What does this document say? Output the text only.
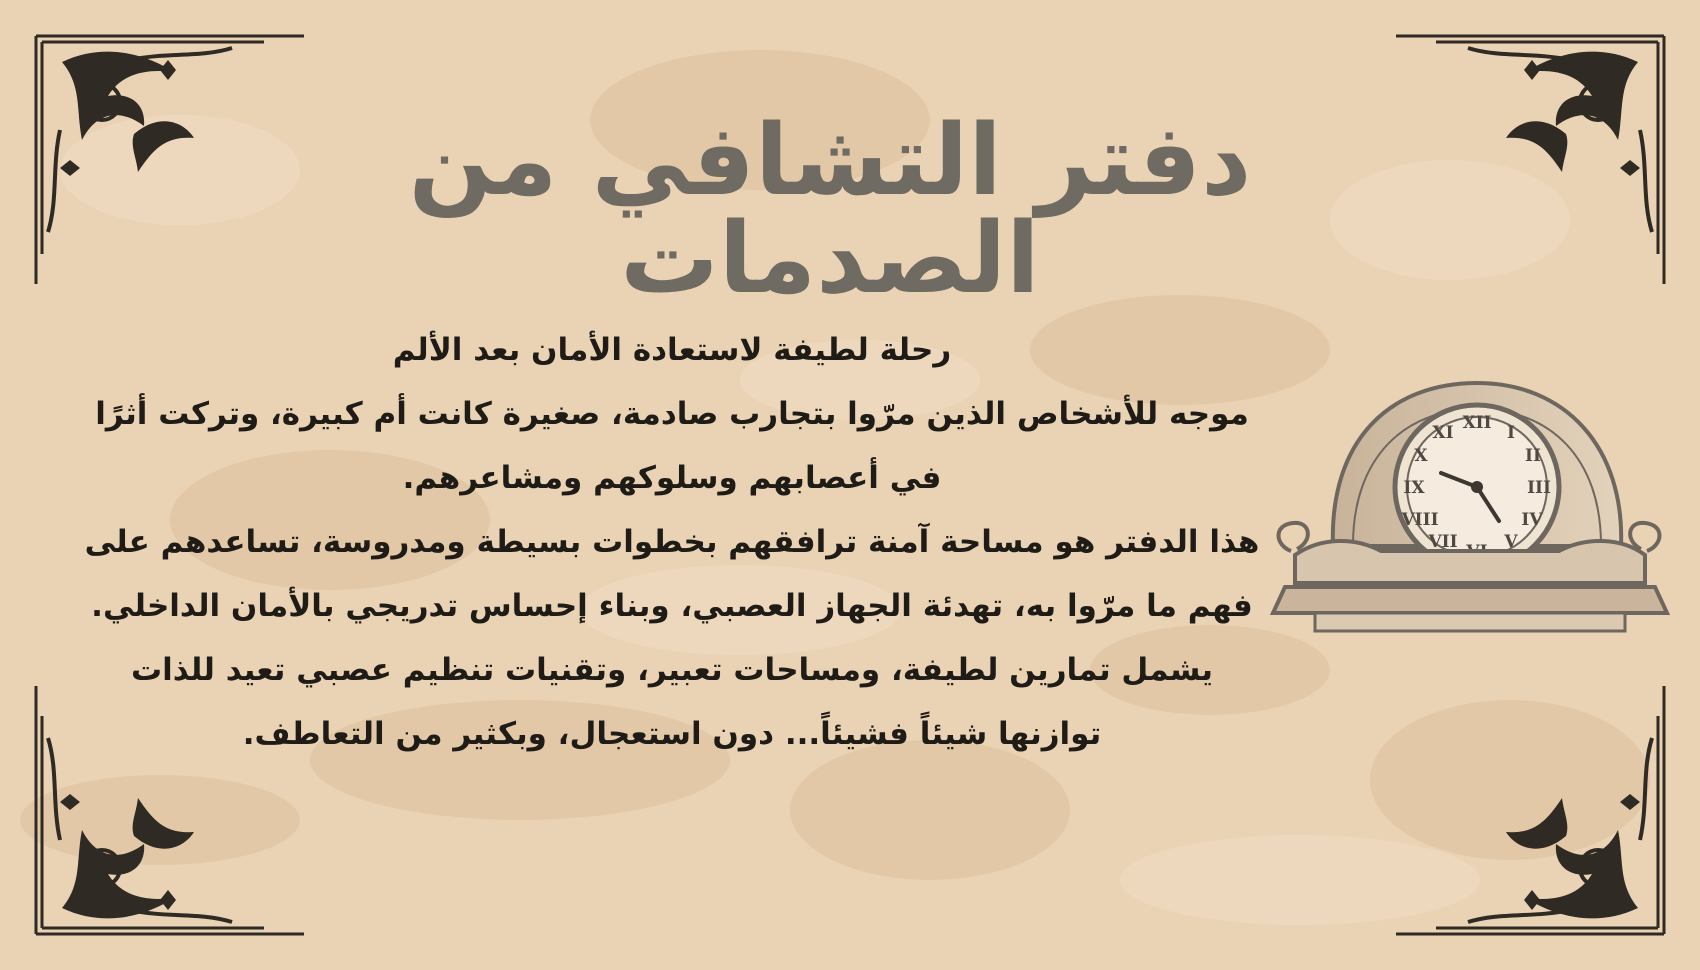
دفتر التشافي من الصدمات

رحلة لطيفة لاستعادة الأمان بعد الألم

موجه للأشخاص الذين مرّوا بتجارب صادمة، صغيرة كانت أم كبيرة، وتركت أثرًا في أعصابهم وسلوكهم ومشاعرهم.

هذا الدفتر هو مساحة آمنة ترافقهم بخطوات بسيطة ومدروسة، تساعدهم على فهم ما مرّوا به، تهدئة الجهاز العصبي، وبناء إحساس تدريجي بالأمان الداخلي.

يشمل تمارين لطيفة، ومساحات تعبير، وتقنيات تنظيم عصبي تعيد للذات توازنها شيئاً فشيئاً... دون استعجال، وبكثير من التعاطف.

XII I
II
III
IV
V
VII
VIII
IX
X
XI
